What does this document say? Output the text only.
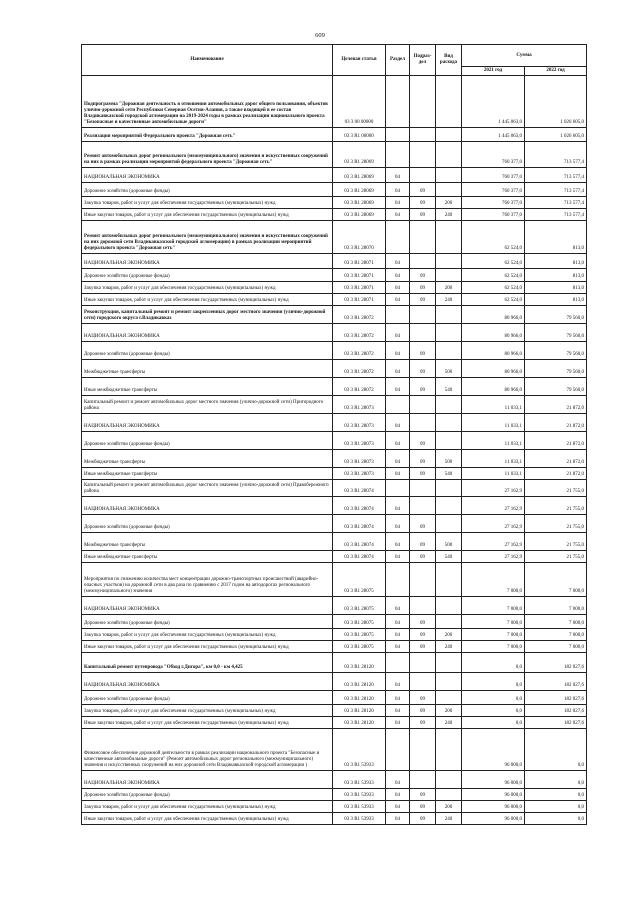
609
Наименование	Целевая статья	Раздел	Подраз-дел	Вид расхода	Сумма	
					2021 год	2022 год
Подпрограмма "Дорожная деятельность в отношении автомобильных дорог общего пользования, объектов улично-дорожной сети Республики Северная Осетия-Алания, а также входящей в ее состав Владикавказской городской агломерации на 2019-2024 годы в рамках реализации национального проекта "Безопасные и качественные автомобильные дороги"	03 3 00 00000				1 445 063,0	1 026 605,0
Реализация мероприятий Федерального проекта "Дорожная сеть"	03 3 R1 00000				1 445 063,0	1 026 605,0
Ремонт автомобильных дорог регионального (межмуниципального) значения и искусственных сооружений на них в рамках реализации мероприятий федерального проекта "Дорожная сеть"	03 3 R1 28069				760 377,0	713 577,4
НАЦИОНАЛЬНАЯ ЭКОНОМИКА	03 3 R1 28069	04			760 377,0	713 577,4
Дорожное хозяйство (дорожные фонды)	03 3 R1 28069	04	09		760 377,0	713 577,4
Закупка товаров, работ и услуг для обеспечения государственных (муниципальных) нужд	03 3 R1 28069	04	09	200	760 377,0	713 577,4
Иные закупки товаров, работ и услуг для обеспечения государственных (муниципальных) нужд	03 3 R1 28069	04	09	240	760 377,0	713 577,4
Ремонт автомобильных дорог регионального (межмуниципального) значения и искусственных сооружений на них дорожной сети Владикавказской городской агломерации) в рамках реализации мероприятий федерального проекта "Дорожная сеть"	03 3 R1 28070				62 524,0	813,0
НАЦИОНАЛЬНАЯ ЭКОНОМИКА	03 3 R1 28071	04			62 524,0	813,0
Дорожное хозяйство (дорожные фонды)	03 3 R1 28071	04	09		62 524,0	813,0
Закупка товаров, работ и услуг для обеспечения государственных (муниципальных) нужд	03 3 R1 28071	04	09	200	62 524,0	813,0
Иные закупки товаров, работ и услуг для обеспечения государственных (муниципальных) нужд	03 3 R1 28071	04	09	240	62 524,0	813,0
Реконструкция, капитальный ремонт и ремонт закрепленных дорог местного значения (улично-дорожной сети) городского округа г.Владикавказ	03 3 R1 28072				80 966,0	79 560,0
НАЦИОНАЛЬНАЯ ЭКОНОМИКА	03 3 R1 28072	04			80 966,0	79 560,0
Дорожное хозяйство (дорожные фонды)	03 3 R1 28072	04	09		80 966,0	79 560,0
Межбюджетные трансферты	03 3 R1 28072	04	09	500	80 966,0	79 560,0
Иные межбюджетные трансферты	03 3 R1 28072	04	09	540	80 966,0	79 560,0
Капитальный ремонт и ремонт автомобильных дорог местного значения (улично-дорожной сети) Пригородного района	03 3 R1 28073				11 033,1	21 872,0
НАЦИОНАЛЬНАЯ ЭКОНОМИКА	03 3 R1 28073	04			11 033,1	21 872,0
Дорожное хозяйство (дорожные фонды)	03 3 R1 28073	04	09		11 033,1	21 872,0
Межбюджетные трансферты	03 3 R1 28073	04	09	500	11 033,1	21 872,0
Иные межбюджетные трансферты	03 3 R1 28073	04	09	540	11 033,1	21 872,0
Капитальный ремонт и ремонт автомобильных дорог местного значения (улично-дорожной сети) Правобережного района	03 3 R1 28074				27 162,9	21 755,0
НАЦИОНАЛЬНАЯ ЭКОНОМИКА	03 3 R1 28074	04			27 162,9	21 755,0
Дорожное хозяйство (дорожные фонды)	03 3 R1 28074	04	09		27 162,9	21 755,0
Межбюджетные трансферты	03 3 R1 28074	04	09	500	27 162,9	21 755,0
Иные межбюджетные трансферты	03 3 R1 28074	04	09	540	27 162,9	21 755,0
Мероприятия по снижению количества мест концентрации дорожно-транспортных происшествий (аварийно-опасных участков) на дорожной сети в два раза по сравнению с 2017 годом на автодорогах регионального (межмуниципального) значения	03 3 R1 28075				7 000,0	7 000,0
НАЦИОНАЛЬНАЯ ЭКОНОМИКА	03 3 R1 28075	04			7 000,0	7 000,0
Дорожное хозяйство (дорожные фонды)	03 3 R1 28075	04	09		7 000,0	7 000,0
Закупка товаров, работ и услуг для обеспечения государственных (муниципальных) нужд	03 3 R1 28075	04	09	200	7 000,0	7 000,0
Иные закупки товаров, работ и услуг для обеспечения государственных (муниципальных) нужд	03 3 R1 28075	04	09	240	7 000,0	7 000,0
Капитальный ремонт путепровода "Обход г.Дигора", км 0,0 - км 4,425	03 3 R1 28120				0,0	182 027,6
НАЦИОНАЛЬНАЯ ЭКОНОМИКА	03 3 R1 28120	04			0,0	182 027,6
Дорожное хозяйство (дорожные фонды)	03 3 R1 28120	04	09		0,0	182 027,6
Закупка товаров, работ и услуг для обеспечения государственных (муниципальных) нужд	03 3 R1 28120	04	09	200	0,0	182 027,6
Иные закупки товаров, работ и услуг для обеспечения государственных (муниципальных) нужд	03 3 R1 28120	04	09	240	0,0	182 027,6
Финансовое обеспечение дорожной деятельности в рамках реализации национального проекта "Безопасные и качественные автомобильные дороги" (Ремонт автомобильных дорог регионального (межмуниципального) значения и искусственных сооружений на них дорожной сети Владикавказской городской агломерации )	03 3 R1 53933				96 000,0	0,0
НАЦИОНАЛЬНАЯ ЭКОНОМИКА	03 3 R1 53933	04			96 000,0	0,0
Дорожное хозяйство (дорожные фонды)	03 3 R1 53933	04	09		96 000,0	0,0
Закупка товаров, работ и услуг для обеспечения государственных (муниципальных) нужд	03 3 R1 53933	04	09	200	96 000,0	0,0
Иные закупки товаров, работ и услуг для обеспечения государственных (муниципальных) нужд	03 3 R1 53933	04	09	240	96 000,0	0,0
